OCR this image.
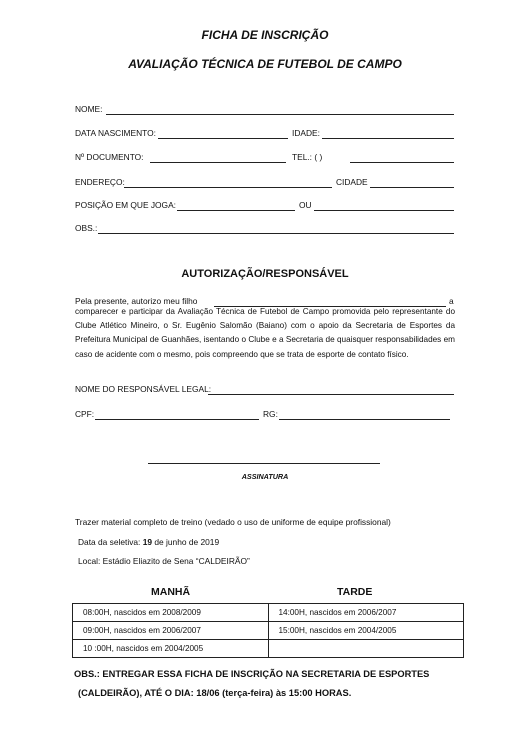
FICHA DE INSCRIÇÃO
AVALIAÇÃO TÉCNICA DE FUTEBOL DE CAMPO
NOME:
DATA NASCIMENTO:	IDADE:
Nº DOCUMENTO:	TEL.: ( )
ENDEREÇO:	CIDADE
POSIÇÃO EM QUE JOGA:	OU
OBS.:
AUTORIZAÇÃO/RESPONSÁVEL
Pela presente, autorizo meu filho	a
comparecer e participar da Avaliação Técnica de Futebol de Campo promovida pelo representante do Clube Atlético Mineiro, o Sr. Eugênio Salomão (Baiano) com o apoio da Secretaria de Esportes da Prefeitura Municipal de Guanhães, isentando o Clube e a Secretaria de quaisquer responsabilidades em caso de acidente com o mesmo, pois compreendo que se trata de esporte de contato físico.
NOME DO RESPONSÁVEL LEGAL:
CPF:	RG:
ASSINATURA
Trazer material completo de treino (vedado o uso de uniforme de equipe profissional)
Data da seletiva: 19 de junho de 2019
Local: Estádio Eliazito de Sena “CALDEIRÃO”
MANHÃ	TARDE
08:00H, nascidos em 2008/2009	14:00H, nascidos em 2006/2007
09:00H, nascidos em 2006/2007	15:00H, nascidos em 2004/2005
10 :00H, nascidos em 2004/2005	
OBS.: ENTREGAR ESSA FICHA DE INSCRIÇÃO NA SECRETARIA DE ESPORTES
(CALDEIRÃO), ATÉ O DIA: 18/06 (terça-feira) às 15:00 HORAS.
